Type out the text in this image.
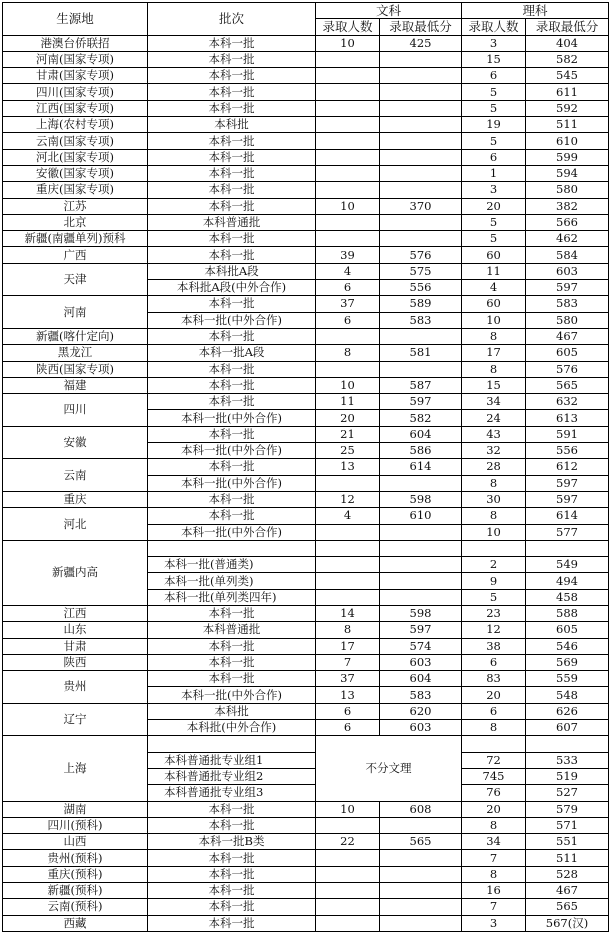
生源地	批次	文科		理科	
		录取人数	录取最低分	录取人数	录取最低分
港澳台侨联招	本科一批	10	425	3	404
河南(国家专项)	本科一批			15	582
甘肃(国家专项)	本科一批			6	545
四川(国家专项)	本科一批			5	611
江西(国家专项)	本科一批			5	592
上海(农村专项)	本科批			19	511
云南(国家专项)	本科一批			5	610
河北(国家专项)	本科一批			6	599
安徽(国家专项)	本科一批			1	594
重庆(国家专项)	本科一批			3	580
江苏	本科一批	10	370	20	382
北京	本科普通批			5	566
新疆(南疆单列)预科	本科一批			5	462
广西	本科一批	39	576	60	584
天津	本科批A段	4	575	11	603
	本科批A段(中外合作)	6	556	4	597
河南	本科一批	37	589	60	583
	本科一批(中外合作)	6	583	10	580
新疆(喀什定向)	本科一批			8	467
黑龙江	本科一批A段	8	581	17	605
陕西(国家专项)	本科一批			8	576
福建	本科一批	10	587	15	565
四川	本科一批	11	597	34	632
	本科一批(中外合作)	20	582	24	613
安徽	本科一批	21	604	43	591
	本科一批(中外合作)	25	586	32	556
云南	本科一批	13	614	28	612
	本科一批(中外合作)			8	597
重庆	本科一批	12	598	30	597
河北	本科一批	4	610	8	614
	本科一批(中外合作)			10	577
新疆内高					
	本科一批(普通类)			2	549
	本科一批(单列类)			9	494
	本科一批(单列类四年)			5	458
江西	本科一批	14	598	23	588
山东	本科普通批	8	597	12	605
甘肃	本科一批	17	574	38	546
陕西	本科一批	7	603	6	569
贵州	本科一批	37	604	83	559
	本科一批(中外合作)	13	583	20	548
辽宁	本科批	6	620	6	626
	本科批(中外合作)	6	603	8	607
上海		不分文理			
	本科普通批专业组1			72	533
	本科普通批专业组2			745	519
	本科普通批专业组3			76	527
湖南	本科一批	10	608	20	579
四川(预科)	本科一批			8	571
山西	本科一批B类	22	565	34	551
贵州(预科)	本科一批			7	511
重庆(预科)	本科一批			8	528
新疆(预科)	本科一批			16	467
云南(预科)	本科一批			7	565
西藏	本科一批			3	567(汉)
